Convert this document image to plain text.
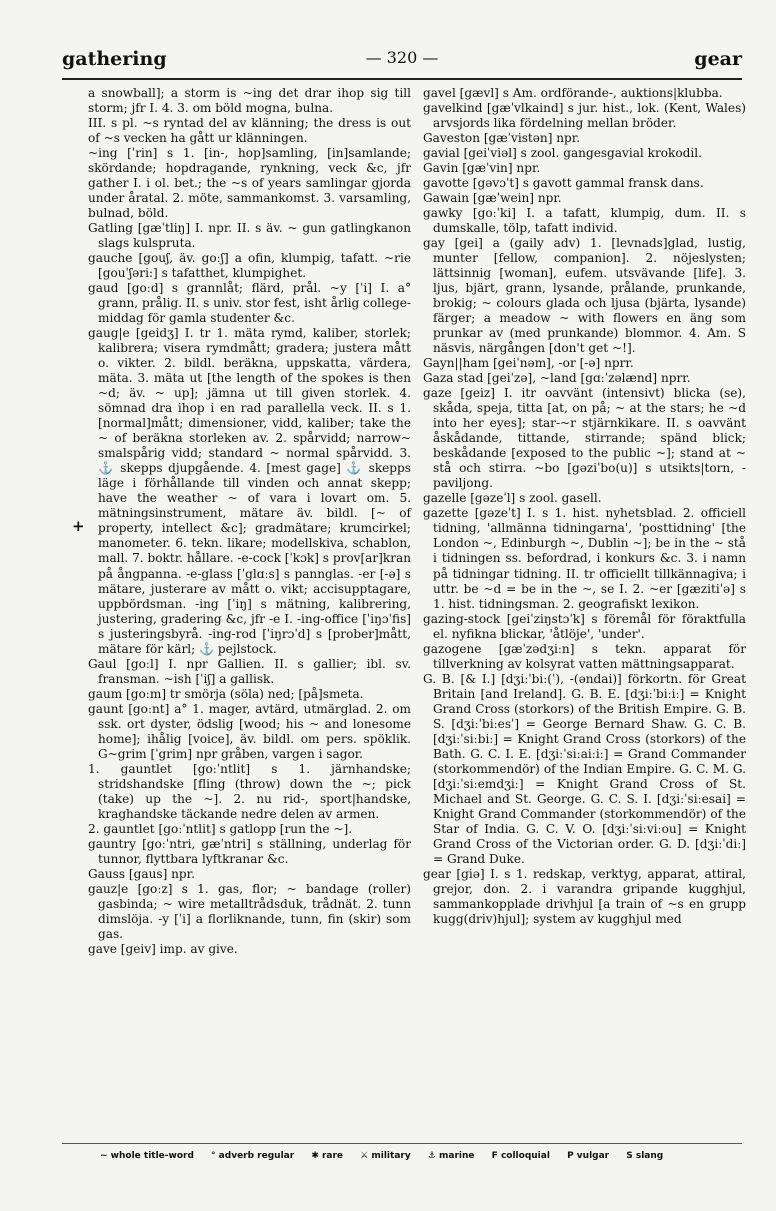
gathering	— 320 —	gear
+

a snowball]; a storm is ~ing det drar ihop sig till storm; jfr I. 4. 3. om böld mogna, bulna.

III. s pl. ~s ryntad del av klänning; the dress is out of ~s vecken ha gått ur klänningen.

~ing [ˈrin] s 1. [in-, hop]samling, [in]samlande; skördande; hopdragande, rynkning, veck &c, jfr gather I. i ol. bet.; the ~s of years samlingar gjorda under åratal. 2. möte, sammankomst. 3. varsamling, bulnad, böld.

Gatling [gæˈtliŋ] I. npr. II. s äv. ~ gun gatlingkanon slags kulspruta.

gauche [gouʃ, äv. goːʃ] a ofin, klumpig, tafatt. ~rie [gouˈʃəri:] s tafatthet, klumpighet.

gaud [goːd] s grannlåt; flärd, prål. ~y [ˈi] I. a° grann, prålig. II. s univ. stor fest, isht årlig college-middag för gamla studenter &c.

gaug|e [geidʒ] I. tr 1. mäta rymd, kaliber, storlek; kalibrera; visera rymdmått; gradera; justera mått o. vikter. 2. bildl. beräkna, uppskatta, värdera, mäta. 3. mäta ut [the length of the spokes is then ~d; äv. ~ up]; jämna ut till given storlek. 4. sömnad dra ihop i en rad parallella veck. II. s 1. [normal]mått; dimensioner, vidd, kaliber; take the ~ of beräkna storleken av. 2. spårvidd; narrow~ smalspårig vidd; standard ~ normal spårvidd. 3. ⚓ skepps djupgående. 4. [mest gage] ⚓ skepps läge i förhållande till vinden och annat skepp; have the weather ~ of vara i lovart om. 5. mätningsinstrument, mätare äv. bildl. [~ of property, intellect &c]; gradmätare; krumcirkel; manometer. 6. tekn. likare; modellskiva, schablon, mall. 7. boktr. hållare. -e-cock [ˈkɔk] s prov[ar]kran på ångpanna. -e-glass [ˈglɑːs] s pannglas. -er [-ə] s mätare, justerare av mått o. vikt; accisupptagare, uppbördsman. -ing [ˈiŋ] s mätning, kalibrering, justering, gradering &c, jfr -e I. -ing-office [ˈiŋɔˈfis] s justeringsbyrå. -ing-rod [ˈiŋrɔˈd] s [prober]mått, mätare för kärl; ⚓ pejlstock.

Gaul [goːl] I. npr Gallien. II. s gallier; ibl. sv. fransman. ~ish [ˈiʃ] a gallisk.

gaum [goːm] tr smörja (söla) ned; [på]smeta.

gaunt [goːnt] a° 1. mager, avtärd, utmärglad. 2. om ssk. ort dyster, ödslig [wood; his ~ and lonesome home]; ihålig [voice], äv. bildl. om pers. spöklik. G~grim [ˈgrim] npr gråben, vargen i sagor.

1. gauntlet [goːˈntlit] s 1. järnhandske; stridshandske [fling (throw) down the ~; pick (take) up the ~]. 2. nu rid-, sport|handske, kraghandske täckande nedre delen av armen.

2. gauntlet [goːˈntlit] s gatlopp [run the ~].

gauntry [goːˈntri, gæˈntri] s ställning, underlag för tunnor, flyttbara lyftkranar &c.

Gauss [gaus] npr.

gauz|e [goːz] s 1. gas, flor; ~ bandage (roller) gasbinda; ~ wire metalltrådsduk, trådnät. 2. tunn dimslöja. -y [ˈi] a florliknande, tunn, fin (skir) som gas.

gave [geiv] imp. av give.

gavel [gævl] s Am. ordförande-, auktions|klubba.

gavelkind [gæˈvlkaind] s jur. hist., lok. (Kent, Wales) arvsjords lika fördelning mellan bröder.

Gaveston [gæˈvistən] npr.

gavial [geiˈviəl] s zool. gangesgavial krokodil.

Gavin [gæˈvin] npr.

gavotte [gəvɔˈt] s gavott gammal fransk dans.

Gawain [gæˈwein] npr.

gawky [goːˈki] I. a tafatt, klumpig, dum. II. s dumskalle, tölp, tafatt individ.

gay [gei] a (gaily adv) 1. [levnads]glad, lustig, munter [fellow, companion]. 2. nöjeslysten; lättsinnig [woman], eufem. utsvävande [life]. 3. ljus, bjärt, grann, lysande, prålande, prunkande, brokig; ~ colours glada och ljusa (bjärta, lysande) färger; a meadow ~ with flowers en äng som prunkar av (med prunkande) blommor. 4. Am. S näsvis, närgången [don't get ~!].

Gayn||ham [geiˈnəm], -or [-ə] nprr.

Gaza stad [geiˈzə], ~land [gɑːˈzəlænd] nprr.

gaze [geiz] I. itr oavvänt (intensivt) blicka (se), skåda, speja, titta [at, on på; ~ at the stars; he ~d into her eyes]; star-~r stjärnkikare. II. s oavvänt åskådande, tittande, stirrande; spänd blick; beskådande [exposed to the public ~]; stand at ~ stå och stirra. ~bo [gəziˈbo(u)] s utsikts|torn, -paviljong.

gazelle [gəzeˈl] s zool. gasell.

gazette [gəzeˈt] I. s 1. hist. nyhetsblad. 2. officiell tidning, 'allmänna tidningarna', 'posttidning' [the London ~, Edinburgh ~, Dublin ~]; be in the ~ stå i tidningen ss. befordrad, i konkurs &c. 3. i namn på tidningar tidning. II. tr officiellt tillkännagiva; i uttr. be ~d = be in the ~, se I. 2. ~er [gæzitiˈə] s 1. hist. tidningsman. 2. geografiskt lexikon.

gazing-stock [geiˈziŋstɔˈk] s föremål för föraktfulla el. nyfikna blickar, 'åtlöje', 'under'.

gazogene [gæˈzədʒiːn] s tekn. apparat för tillverkning av kolsyrat vatten mättningsapparat.

G. B. [& I.] [dʒiːˈbiː(ˈ), -(əndai)] förkortn. för Great Britain [and Ireland]. G. B. E. [dʒiːˈbiːiː] = Knight Grand Cross (storkors) of the British Empire. G. B. S. [dʒiːˈbiːesˈ] = George Bernard Shaw. G. C. B. [dʒiːˈsiːbiː] = Knight Grand Cross (storkors) of the Bath. G. C. I. E. [dʒiːˈsiːaiːiː] = Grand Commander (storkommendör) of the Indian Empire. G. C. M. G. [dʒiːˈsiːemdʒiː] = Knight Grand Cross of St. Michael and St. George. G. C. S. I. [dʒiːˈsiːesai] = Knight Grand Commander (storkommendör) of the Star of India. G. C. V. O. [dʒiːˈsiːviːou] = Knight Grand Cross of the Victorian order. G. D. [dʒiːˈdiː] = Grand Duke.

gear [giə] I. s 1. redskap, verktyg, apparat, attiral, grejor, don. 2. i varandra gripande kugghjul, sammankopplade drivhjul [a train of ~s en grupp kugg(driv)hjul]; system av kugghjul med

~ whole title-word ° adverb regular ✱ rare ⚔ military ⚓ marine F colloquial P vulgar S slang
